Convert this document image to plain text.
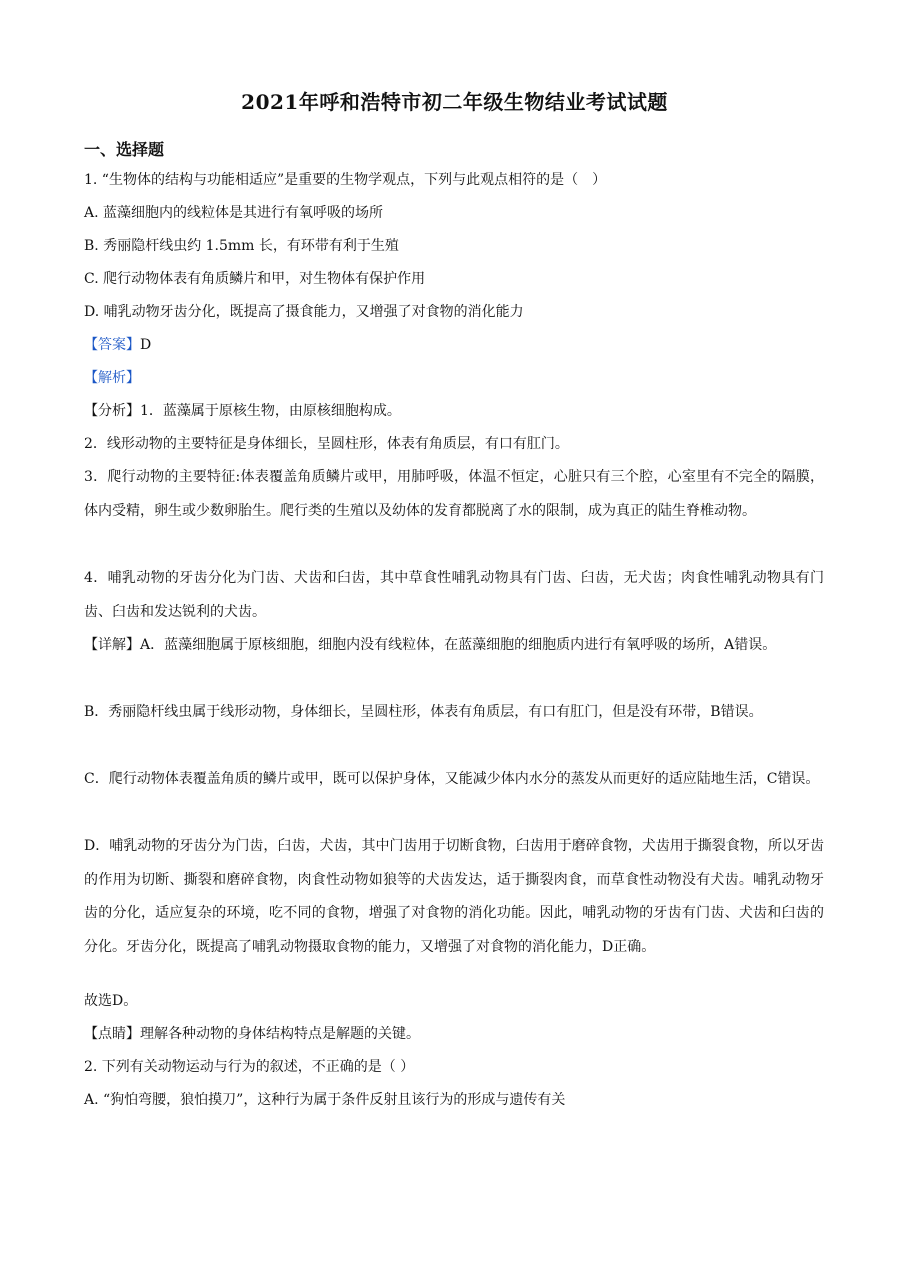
2021年呼和浩特市初二年级生物结业考试试题
一、选择题
1. “生物体的结构与功能相适应”是重要的生物学观点，下列与此观点相符的是（　）
A. 蓝藻细胞内的线粒体是其进行有氧呼吸的场所
B. 秀丽隐杆线虫约 1.5mm 长，有环带有利于生殖
C. 爬行动物体表有角质鳞片和甲，对生物体有保护作用
D. 哺乳动物牙齿分化，既提高了摄食能力，又增强了对食物的消化能力
【答案】D
【解析】
【分析】1．蓝藻属于原核生物，由原核细胞构成。
2．线形动物的主要特征是身体细长，呈圆柱形，体表有角质层，有口有肛门。
3．爬行动物的主要特征:体表覆盖角质鳞片或甲，用肺呼吸，体温不恒定，心脏只有三个腔，心室里有不完全的隔膜，体内受精，卵生或少数卵胎生。爬行类的生殖以及幼体的发育都脱离了水的限制，成为真正的陆生脊椎动物。
4．哺乳动物的牙齿分化为门齿、犬齿和臼齿，其中草食性哺乳动物具有门齿、臼齿，无犬齿；肉食性哺乳动物具有门齿、臼齿和发达锐利的犬齿。
【详解】A．蓝藻细胞属于原核细胞，细胞内没有线粒体，在蓝藻细胞的细胞质内进行有氧呼吸的场所，A错误。
B．秀丽隐杆线虫属于线形动物，身体细长，呈圆柱形，体表有角质层，有口有肛门，但是没有环带，B错误。
C．爬行动物体表覆盖角质的鳞片或甲，既可以保护身体，又能减少体内水分的蒸发从而更好的适应陆地生活，C错误。
D．哺乳动物的牙齿分为门齿，臼齿，犬齿，其中门齿用于切断食物，臼齿用于磨碎食物，犬齿用于撕裂食物，所以牙齿的作用为切断、撕裂和磨碎食物，肉食性动物如狼等的犬齿发达，适于撕裂肉食，而草食性动物没有犬齿。哺乳动物牙齿的分化，适应复杂的环境，吃不同的食物，增强了对食物的消化功能。因此，哺乳动物的牙齿有门齿、犬齿和臼齿的分化。牙齿分化，既提高了哺乳动物摄取食物的能力，又增强了对食物的消化能力，D正确。
故选D。
【点睛】理解各种动物的身体结构特点是解题的关键。
2. 下列有关动物运动与行为的叙述，不正确的是（ ）
A. “狗怕弯腰，狼怕摸刀”，这种行为属于条件反射且该行为的形成与遗传有关
